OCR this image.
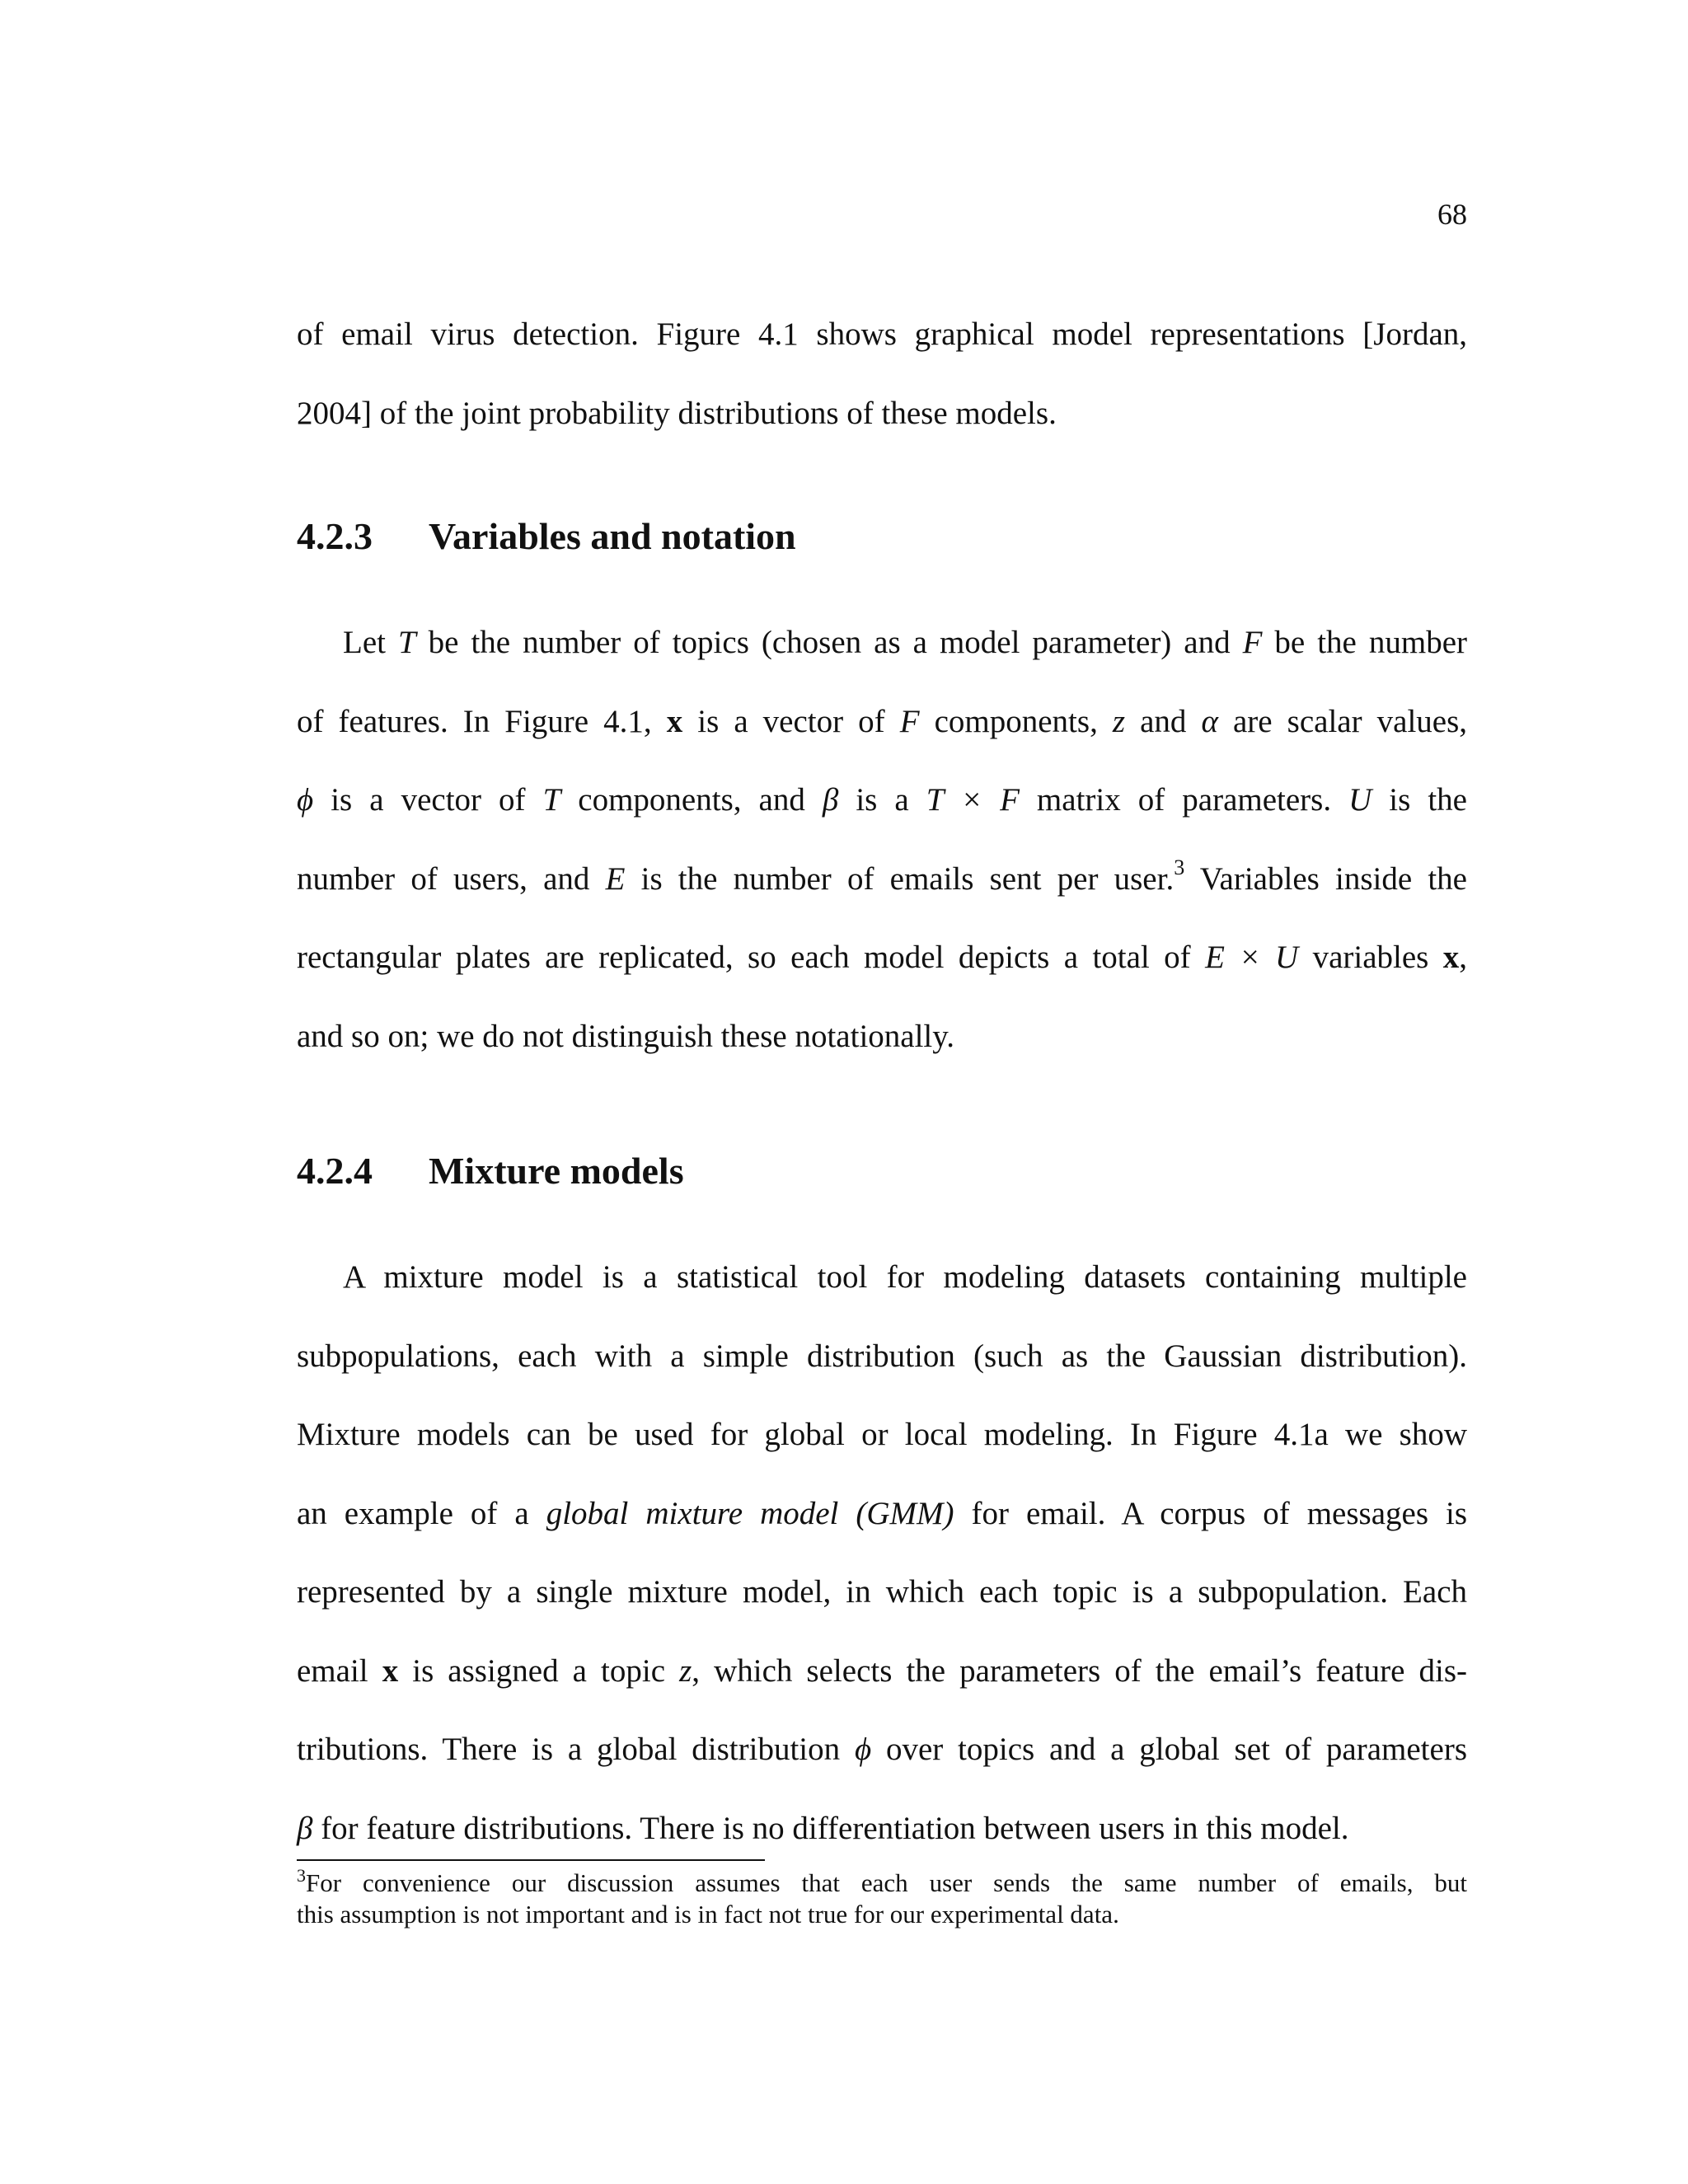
68

of email virus detection. Figure 4.1 shows graphical model representations [Jordan,
2004] of the joint probability distributions of these models.

4.2.3 Variables and notation

Let T be the number of topics (chosen as a model parameter) and F be the number
of features. In Figure 4.1, x is a vector of F components, z and α are scalar values,
ϕ is a vector of T components, and β is a T × F matrix of parameters. U is the
number of users, and E is the number of emails sent per user.$^3$ Variables inside the
rectangular plates are replicated, so each model depicts a total of E × U variables x,
and so on; we do not distinguish these notationally.

4.2.4 Mixture models

A mixture model is a statistical tool for modeling datasets containing multiple
subpopulations, each with a simple distribution (such as the Gaussian distribution).
Mixture models can be used for global or local modeling. In Figure 4.1a we show
an example of a global mixture model (GMM) for email. A corpus of messages is
represented by a single mixture model, in which each topic is a subpopulation. Each
email x is assigned a topic z, which selects the parameters of the email’s feature dis-
tributions. There is a global distribution ϕ over topics and a global set of parameters
β for feature distributions. There is no differentiation between users in this model.

$^3$For convenience our discussion assumes that each user sends the same number of emails, but
this assumption is not important and is in fact not true for our experimental data.
